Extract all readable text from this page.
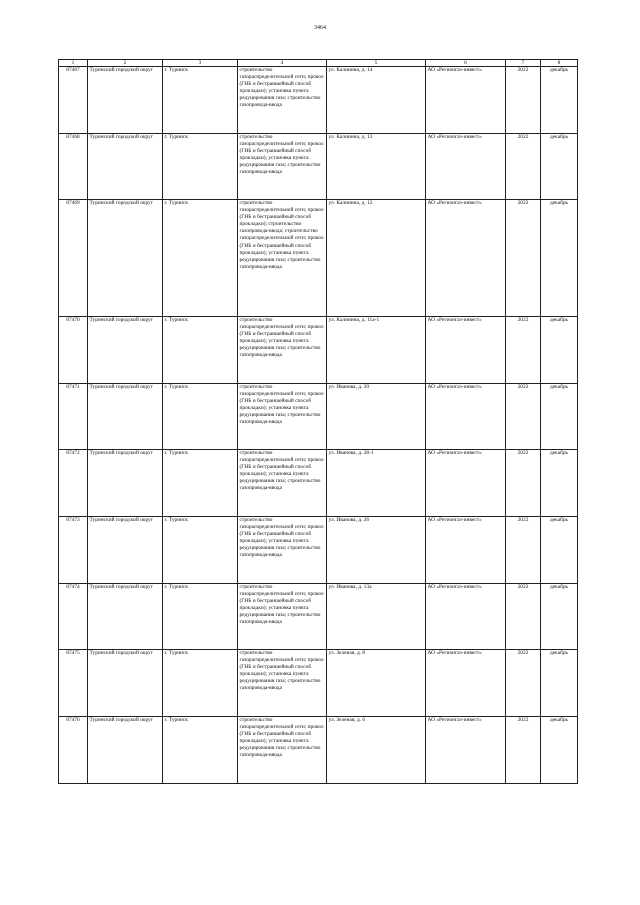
3464
1	2	3	4	5	6	7	8
87467	Туринский городской округ	г. Туринск	строительство газораспределительной сети; прокол (ГНБ и бестраншейный способ прокладки); установка пункта редуцирования газа; строительство газопровода-ввода	ул. Калинина, д. 14	АО «Регионгаз-инвест»	2022	декабрь
87468	Туринский городской округ	г. Туринск	строительство газораспределительной сети; прокол (ГНБ и бестраншейный способ прокладки); установка пункта редуцирования газа; строительство газопровода-ввода	ул. Калинина, д. 13	АО «Регионгаз-инвест»	2022	декабрь
87469	Туринский городской округ	г. Туринск	строительство газораспределительной сети; прокол (ГНБ и бестраншейный способ прокладки); строительство газопровода-ввода; строительство газораспределительной сети; прокол (ГНБ и бестраншейный способ прокладки); установка пункта редуцирования газа; строительство газопровода-ввода	ул. Калинина, д. 12	АО «Регионгаз-инвест»	2022	декабрь
87470	Туринский городской округ	г. Туринск	строительство газораспределительной сети; прокол (ГНБ и бестраншейный способ прокладки); установка пункта редуцирования газа; строительство газопровода-ввода	ул. Калинина, д. 11а-1	АО «Регионгаз-инвест»	2022	декабрь
87471	Туринский городской округ	г. Туринск	строительство газораспределительной сети; прокол (ГНБ и бестраншейный способ прокладки); установка пункта редуцирования газа; строительство газопровода-ввода	ул. Иванова, д. 30	АО «Регионгаз-инвест»	2022	декабрь
87472	Туринский городской округ	г. Туринск	строительство газораспределительной сети; прокол (ГНБ и бестраншейный способ прокладки); установка пункта редуцирования газа; строительство газопровода-ввода	ул. Иванова, д. 28-1	АО «Регионгаз-инвест»	2022	декабрь
87473	Туринский городской округ	г. Туринск	строительство газораспределительной сети; прокол (ГНБ и бестраншейный способ прокладки); установка пункта редуцирования газа; строительство газопровода-ввода	ул. Иванова, д. 26	АО «Регионгаз-инвест»	2022	декабрь
87474	Туринский городской округ	г. Туринск	строительство газораспределительной сети; прокол (ГНБ и бестраншейный способ прокладки); установка пункта редуцирования газа; строительство газопровода-ввода	ул. Иванова, д. 13а	АО «Регионгаз-инвест»	2022	декабрь
87475	Туринский городской округ	г. Туринск	строительство газораспределительной сети; прокол (ГНБ и бестраншейный способ прокладки); установка пункта редуцирования газа; строительство газопровода-ввода	ул. Зеленая, д. 8	АО «Регионгаз-инвест»	2022	декабрь
87476	Туринский городской округ	г. Туринск	строительство газораспределительной сети; прокол (ГНБ и бестраншейный способ прокладки); установка пункта редуцирования газа; строительство газопровода-ввода	ул. Зеленая, д. 6	АО «Регионгаз-инвест»	2022	декабрь
